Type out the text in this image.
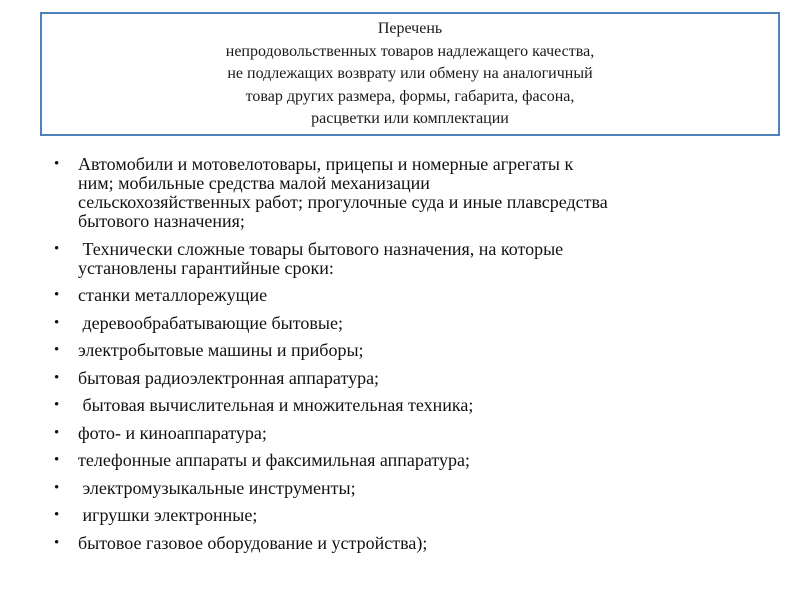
Перечень
непродовольственных товаров надлежащего качества,
не подлежащих возврату или обмену на аналогичный
товар других размера, формы, габарита, фасона,
расцветки или комплектации
• Автомобили и мотовелотовары, прицепы и номерные агрегаты к
ним; мобильные средства малой механизации
сельскохозяйственных работ; прогулочные суда и иные плавсредства
бытового назначения;
• Технически сложные товары бытового назначения, на которые
установлены гарантийные сроки:
• станки металлорежущие
• деревообрабатывающие бытовые;
• электробытовые машины и приборы;
• бытовая радиоэлектронная аппаратура;
• бытовая вычислительная и множительная техника;
• фото- и киноаппаратура;
• телефонные аппараты и факсимильная аппаратура;
• электромузыкальные инструменты;
• игрушки электронные;
• бытовое газовое оборудование и устройства);
